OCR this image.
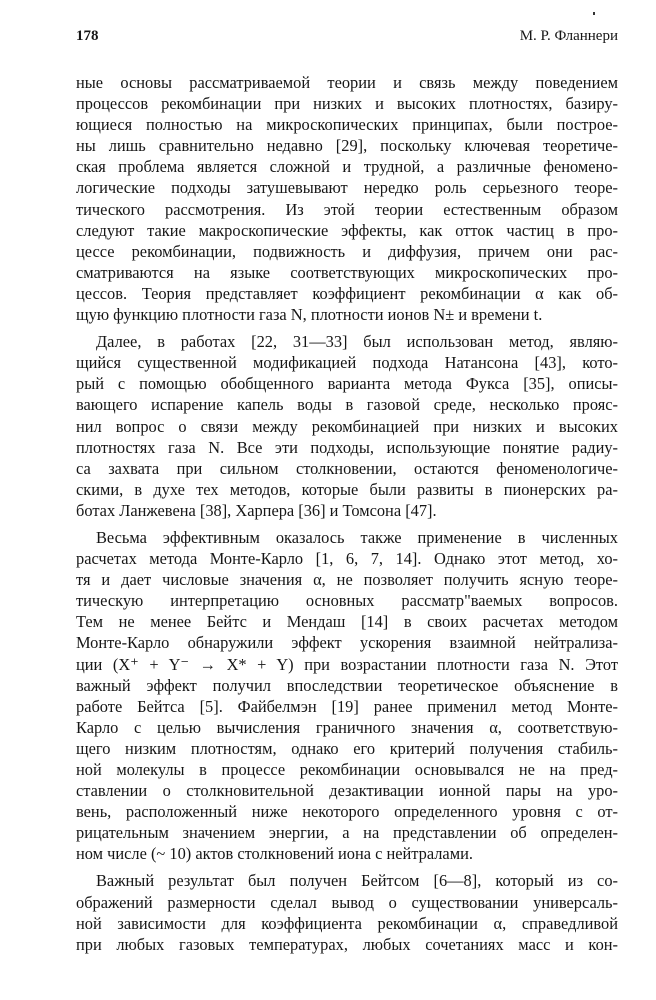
178	М. Р. Фланнери
ные основы рассматриваемой теории и связь между поведением
процессов рекомбинации при низких и высоких плотностях, базиру-
ющиеся полностью на микроскопических принципах, были построе-
ны лишь сравнительно недавно [29], поскольку ключевая теоретиче-
ская проблема является сложной и трудной, а различные феномено-
логические подходы затушевывают нередко роль серьезного теоре-
тического рассмотрения. Из этой теории естественным образом
следуют такие макроскопические эффекты, как отток частиц в про-
цессе рекомбинации, подвижность и диффузия, причем они рас-
сматриваются на языке соответствующих микроскопических про-
цессов. Теория представляет коэффициент рекомбинации α как об-
щую функцию плотности газа N, плотности ионов N± и времени t.
Далее, в работах [22, 31—33] был использован метод, являю-
щийся существенной модификацией подхода Натансона [43], кото-
рый с помощью обобщенного варианта метода Фукса [35], описы-
вающего испарение капель воды в газовой среде, несколько прояс-
нил вопрос о связи между рекомбинацией при низких и высоких
плотностях газа N. Все эти подходы, использующие понятие радиу-
са захвата при сильном столкновении, остаются феноменологиче-
скими, в духе тех методов, которые были развиты в пионерских ра-
ботах Ланжевена [38], Харпера [36] и Томсона [47].
Весьма эффективным оказалось также применение в численных
расчетах метода Монте-Карло [1, 6, 7, 14]. Однако этот метод, хо-
тя и дает числовые значения α, не позволяет получить ясную теоре-
тическую интерпретацию основных рассматр"ваемых вопросов.
Тем не менее Бейтс и Мендаш [14] в своих расчетах методом
Монте-Карло обнаружили эффект ускорения взаимной нейтрализа-
ции (X⁺ + Y⁻ → X* + Y) при возрастании плотности газа N. Этот
важный эффект получил впоследствии теоретическое объяснение в
работе Бейтса [5]. Файбелмэн [19] ранее применил метод Монте-
Карло с целью вычисления граничного значения α, соответствую-
щего низким плотностям, однако его критерий получения стабиль-
ной молекулы в процессе рекомбинации основывался не на пред-
ставлении о столкновительной дезактивации ионной пары на уро-
вень, расположенный ниже некоторого определенного уровня с от-
рицательным значением энергии, а на представлении об определен-
ном числе (~ 10) актов столкновений иона с нейтралами.
Важный результат был получен Бейтсом [6—8], который из со-
ображений размерности сделал вывод о существовании универсаль-
ной зависимости для коэффициента рекомбинации α, справедливой
при любых газовых температурах, любых сочетаниях масс и кон-
